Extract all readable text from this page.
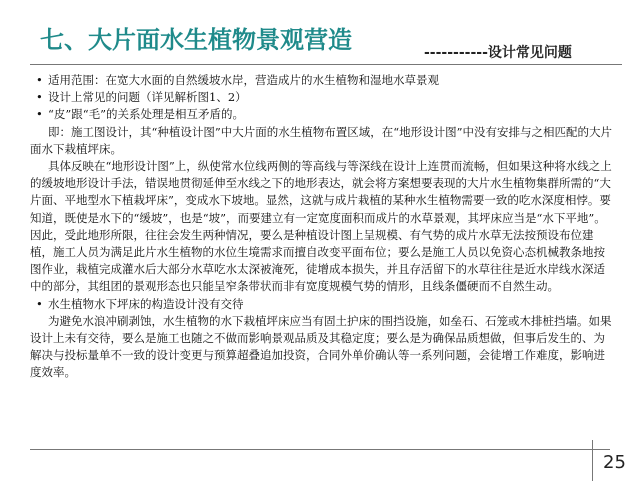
七、大片面水生植物景观营造	-----------设计常见问题

• 适用范围：在宽大水面的自然缓坡水岸，营造成片的水生植物和湿地水草景观

• 设计上常见的问题（详见解析图1、2）

• “皮”跟“毛”的关系处理是相互矛盾的。

即：施工图设计，其“种植设计图”中大片面的水生植物布置区域，在“地形设计图”中没有安排与之相匹配的大片面水下栽植坪床。

具体反映在“地形设计图”上，纵使常水位线两侧的等高线与等深线在设计上连贯而流畅，但如果这种将水线之上的缓坡地形设计手法，错误地贯彻延伸至水线之下的地形表达，就会将方案想要表现的大片水生植物集群所需的“大片面、平地型水下植栽坪床”，变成水下坡地。显然，这就与成片栽植的某种水生植物需要一致的吃水深度相悖。要知道，既使是水下的“缓坡”，也是“坡”，而要建立有一定宽度面积而成片的水草景观，其坪床应当是“水下平地”。因此，受此地形所限，往往会发生两种情况，要么是种植设计图上呈规模、有气势的成片水草无法按预设布位建植，施工人员为满足此片水生植物的水位生境需求而擅自改变平面布位；要么是施工人员以免资心态机械教条地按图作业，栽植完成灌水后大部分水草吃水太深被淹死，徒增成本损失，并且存活留下的水草往往是近水岸线水深适中的部分，其组团的景观形态也只能呈窄条带状而非有宽度规模气势的情形，且线条僵硬而不自然生动。

• 水生植物水下坪床的构造设计没有交待

为避免水浪冲刷剥蚀，水生植物的水下栽植坪床应当有固土护床的围挡设施，如垒石、石笼或木排桩挡墙。如果设计上未有交待，要么是施工也随之不做而影响景观品质及其稳定度；要么是为确保品质想做，但事后发生的、为解决与投标量单不一致的设计变更与预算超叠追加投资，合同外单价确认等一系列问题，会徒增工作难度，影响进度效率。

25
